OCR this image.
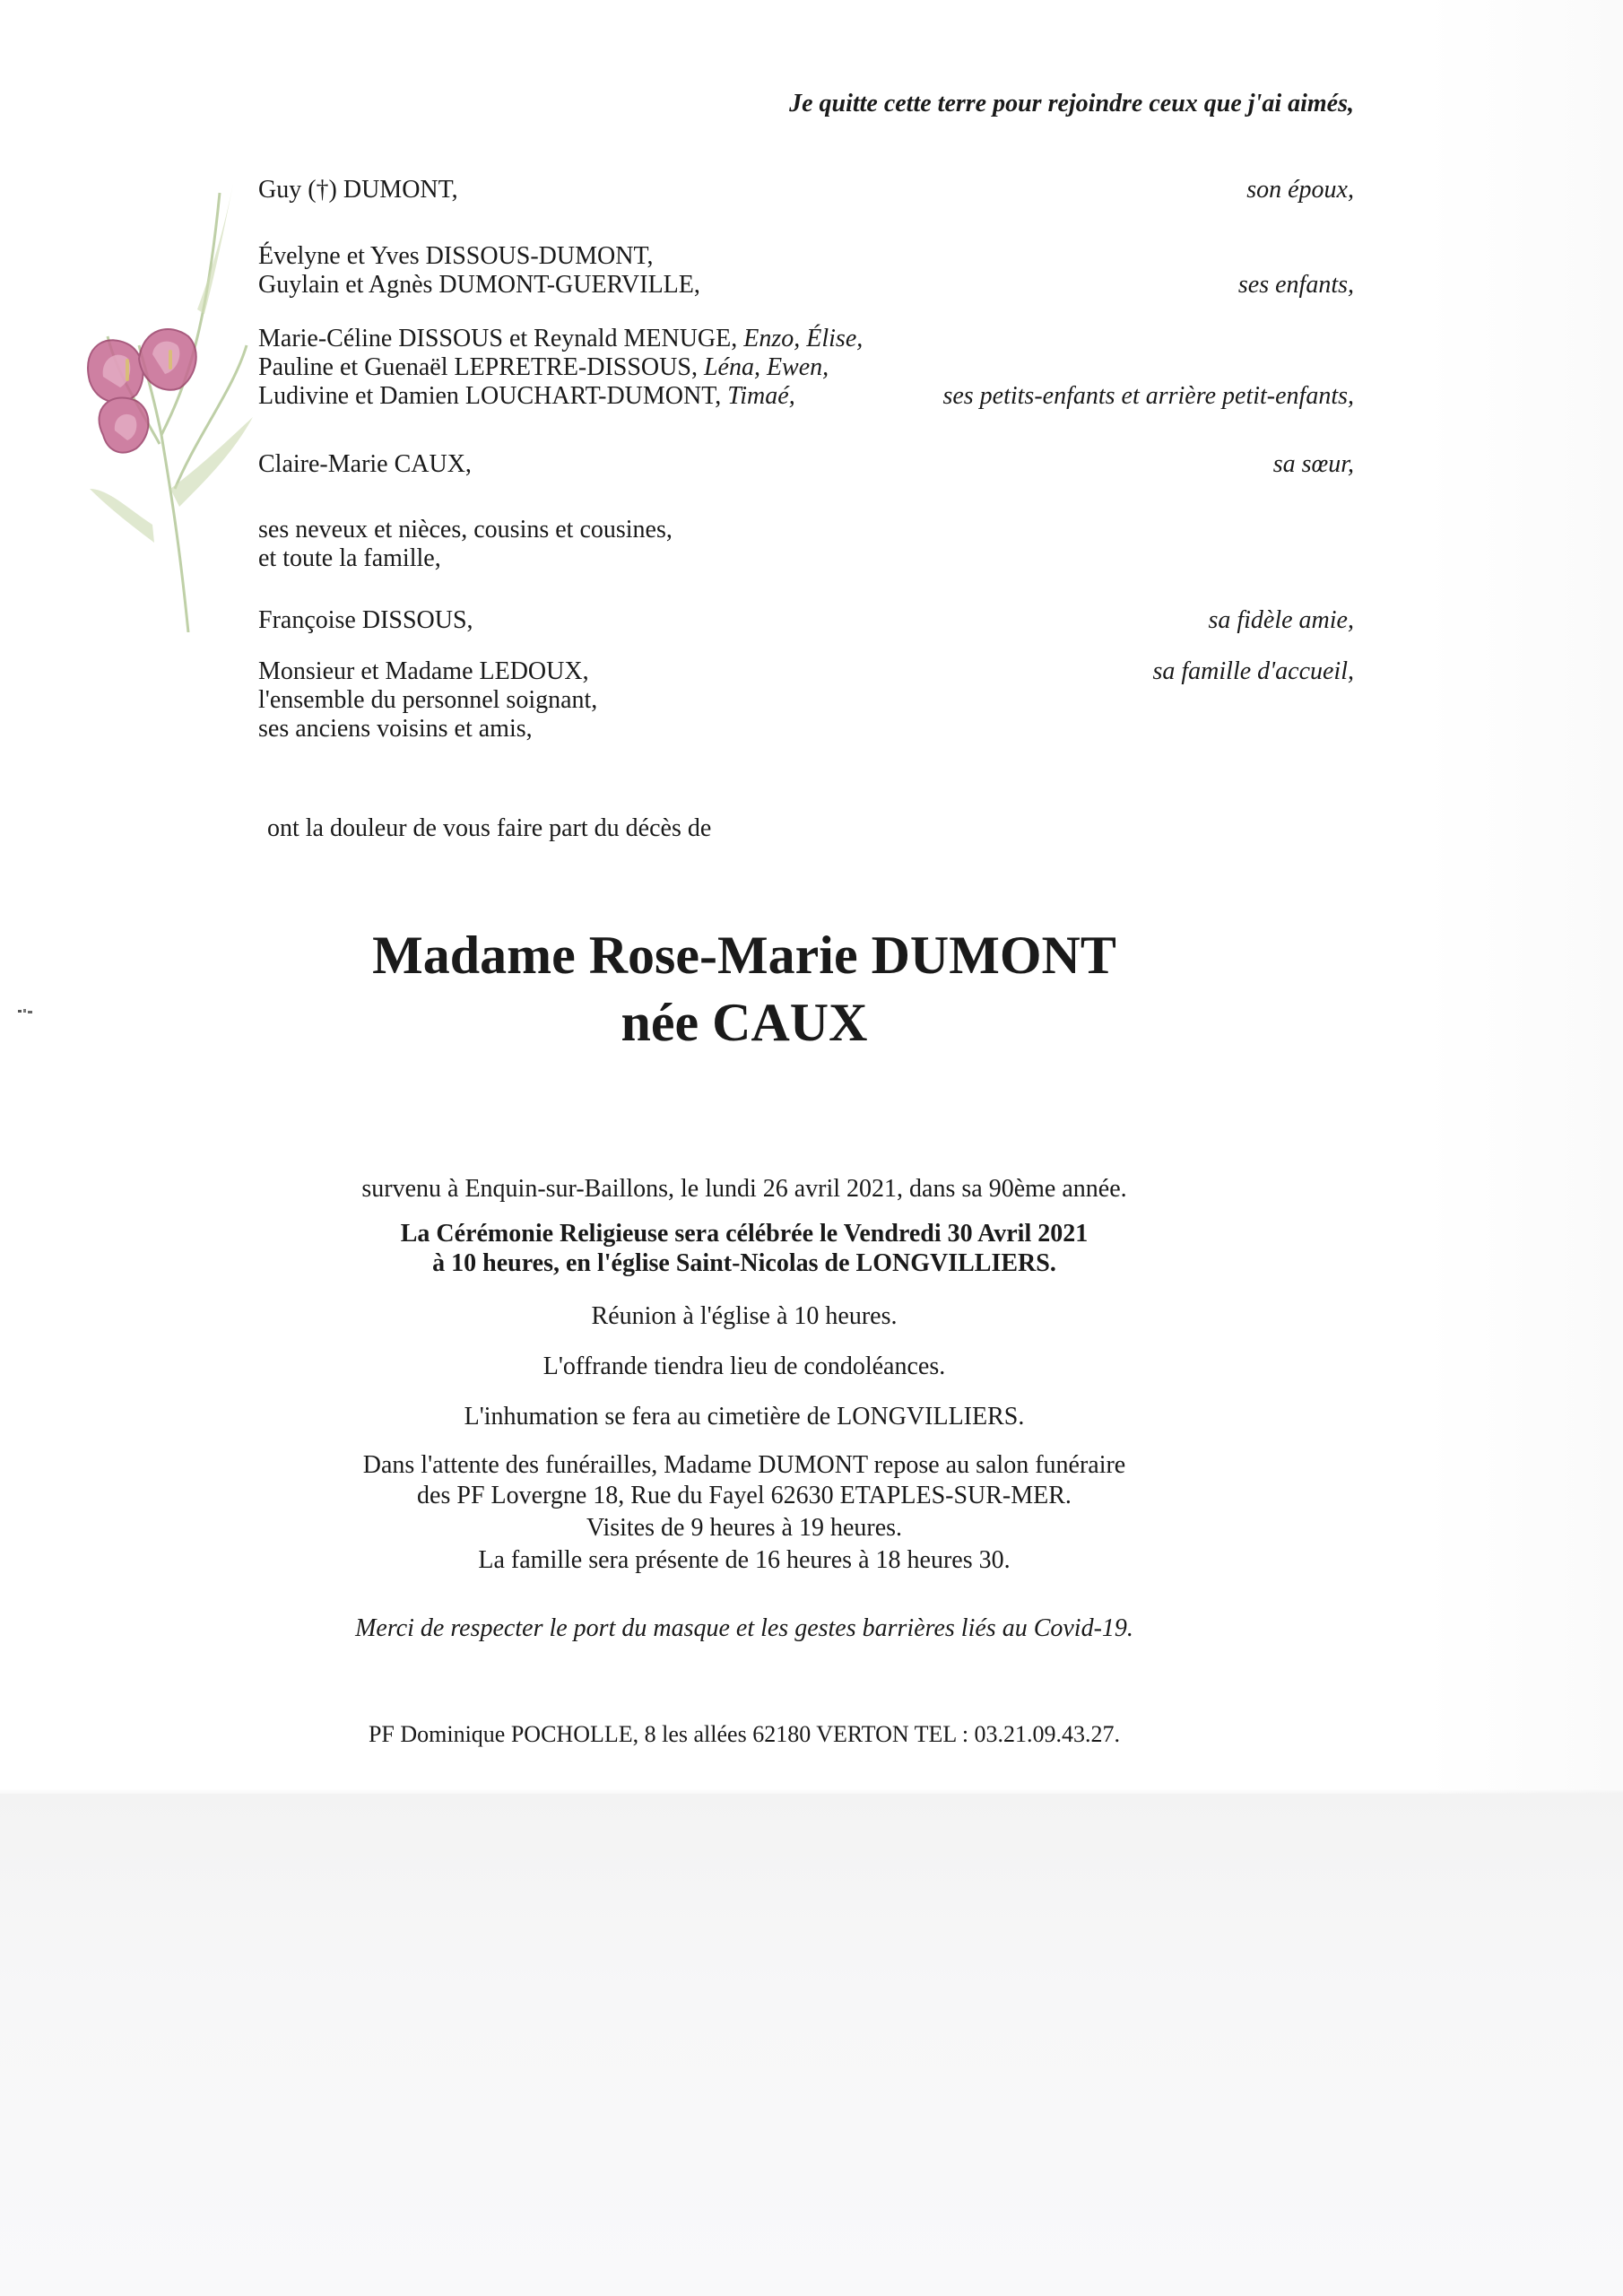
Je quitte cette terre pour rejoindre ceux que j'ai aimés,
Guy (†) DUMONT,	son époux,
Évelyne et Yves DISSOUS-DUMONT,
Guylain et Agnès DUMONT-GUERVILLE,	ses enfants,
Marie-Céline DISSOUS et Reynald MENUGE, Enzo, Élise,
Pauline et Guenaël LEPRETRE-DISSOUS, Léna, Ewen,
Ludivine et Damien LOUCHART-DUMONT, Timaé,	ses petits-enfants et arrière petit-enfants,
Claire-Marie CAUX,	sa sœur,
ses neveux et nièces, cousins et cousines,
et toute la famille,
Françoise DISSOUS,	sa fidèle amie,
Monsieur et Madame LEDOUX,	sa famille d'accueil,
l'ensemble du personnel soignant,
ses anciens voisins et amis,
ont la douleur de vous faire part du décès de
Madame Rose-Marie DUMONT
née CAUX
survenu à Enquin-sur-Baillons, le lundi 26 avril 2021, dans sa 90ème année.
La Cérémonie Religieuse sera célébrée le Vendredi 30 Avril 2021
à 10 heures, en l'église Saint-Nicolas de LONGVILLIERS.
Réunion à l'église à 10 heures.
L'offrande tiendra lieu de condoléances.
L'inhumation se fera au cimetière de LONGVILLIERS.
Dans l'attente des funérailles, Madame DUMONT repose au salon funéraire
des PF Lovergne 18, Rue du Fayel 62630 ETAPLES-SUR-MER.
Visites de 9 heures à 19 heures.
La famille sera présente de 16 heures à 18 heures 30.
Merci de respecter le port du masque et les gestes barrières liés au Covid-19.
PF Dominique POCHOLLE, 8 les allées 62180 VERTON TEL : 03.21.09.43.27.
